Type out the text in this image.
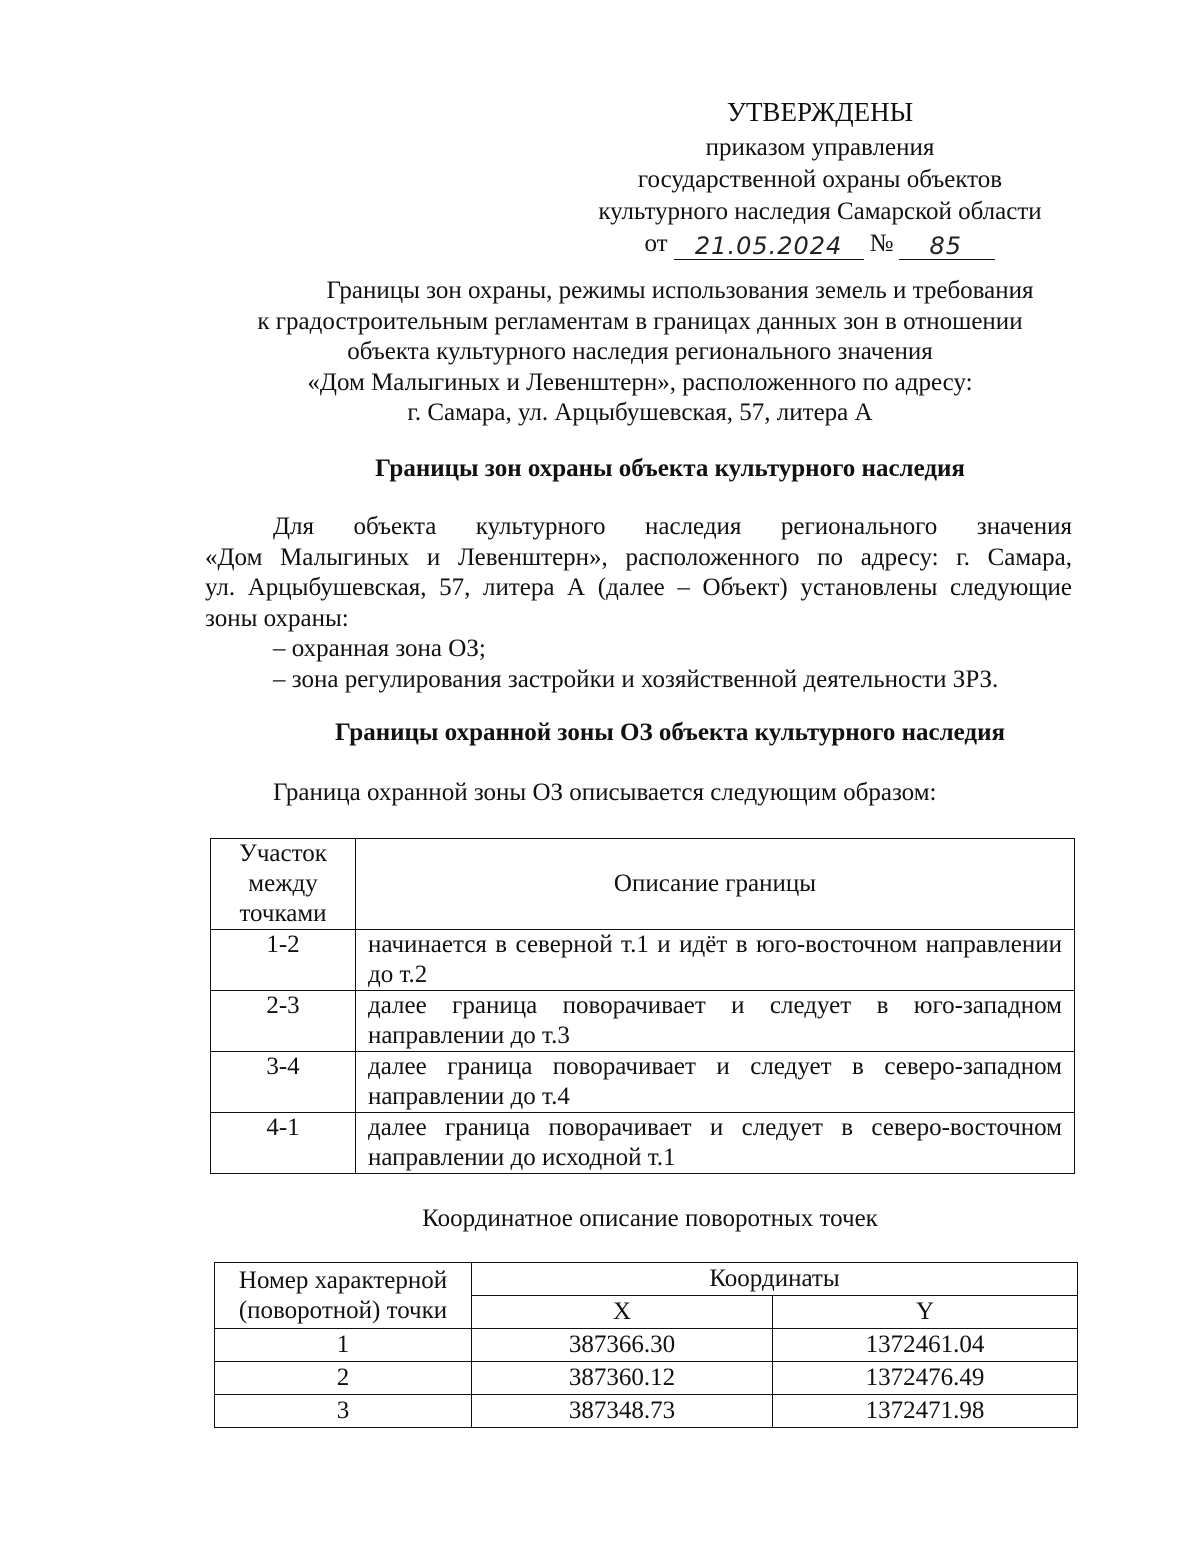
УТВЕРЖДЕНЫ
приказом управления
государственной охраны объектов
культурного наследия Самарской области
от	21.05.2024	№	85
Границы зон охраны, режимы использования земель и требования
к градостроительным регламентам в границах данных зон в отношении
объекта культурного наследия регионального значения
«Дом Малыгиных и Левенштерн», расположенного по адресу:
г. Самара, ул. Арцыбушевская, 57, литера А
Границы зон охраны объекта культурного наследия
Для объекта культурного наследия регионального значения
«Дом Малыгиных и Левенштерн», расположенного по адресу: г. Самара,
ул. Арцыбушевская, 57, литера А (далее – Объект) установлены следующие
зоны охраны:
– охранная зона ОЗ;
– зона регулирования застройки и хозяйственной деятельности ЗРЗ.
Границы охранной зоны ОЗ объекта культурного наследия
Граница охранной зоны ОЗ описывается следующим образом:
Участок
между
точками	Описание границы
1-2	начинается в северной т.1 и идёт в юго-восточном направлении
до т.2

2-3	далее граница поворачивает и следует в юго-западном
направлении до т.3

3-4	далее граница поворачивает и следует в северо-западном
направлении до т.4

4-1	далее граница поворачивает и следует в северо-восточном
направлении до исходной т.1
Координатное описание поворотных точек
Номер характерной
(поворотной) точки	Координаты	
	X	Y
1	387366.30	1372461.04
2	387360.12	1372476.49
3	387348.73	1372471.98
